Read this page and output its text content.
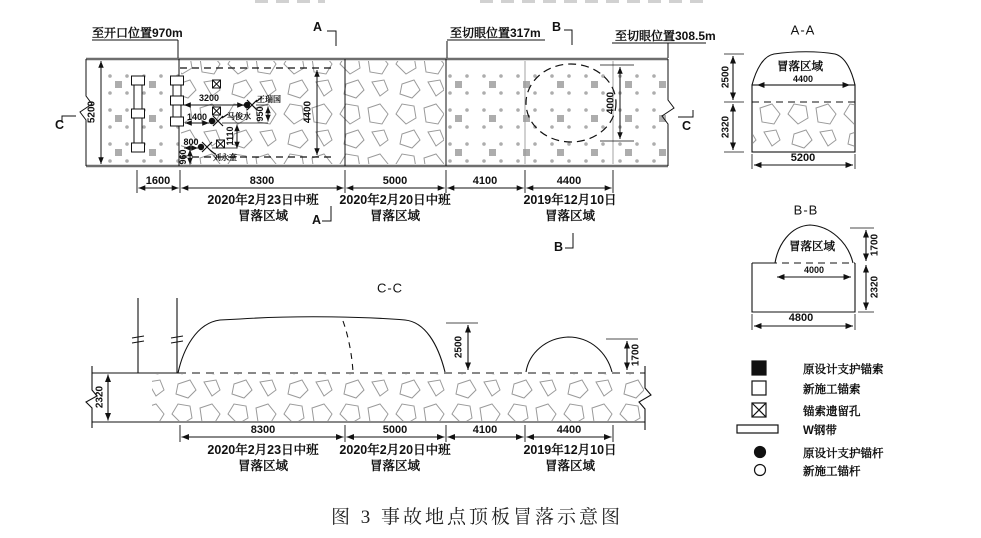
至开口位置970m	至切眼位置317m	至切眼位置308.5m
A
A
B
B
C	C
5200	4400	4000
3200
950
1400
1110
800
960
1600	8300	5000	4100	4400
王瑞国
马俊水
刘永奎
2020年2月23日中班
冒落区域
2020年2月20日中班
冒落区域
2019年12月10日
冒落区域
A-A
冒落区域
4400
2500
2320
5200
B-B
冒落区域
4000
1700
2320
4800
C-C
2320
2500	1700
8300	5000	4100	4400
2020年2月23日中班
冒落区域
2020年2月20日中班
冒落区域
2019年12月10日
冒落区域
原设计支护锚索
新施工锚索
锚索遗留孔
W钢带
原设计支护锚杆
新施工锚杆
图 3 事故地点顶板冒落示意图
